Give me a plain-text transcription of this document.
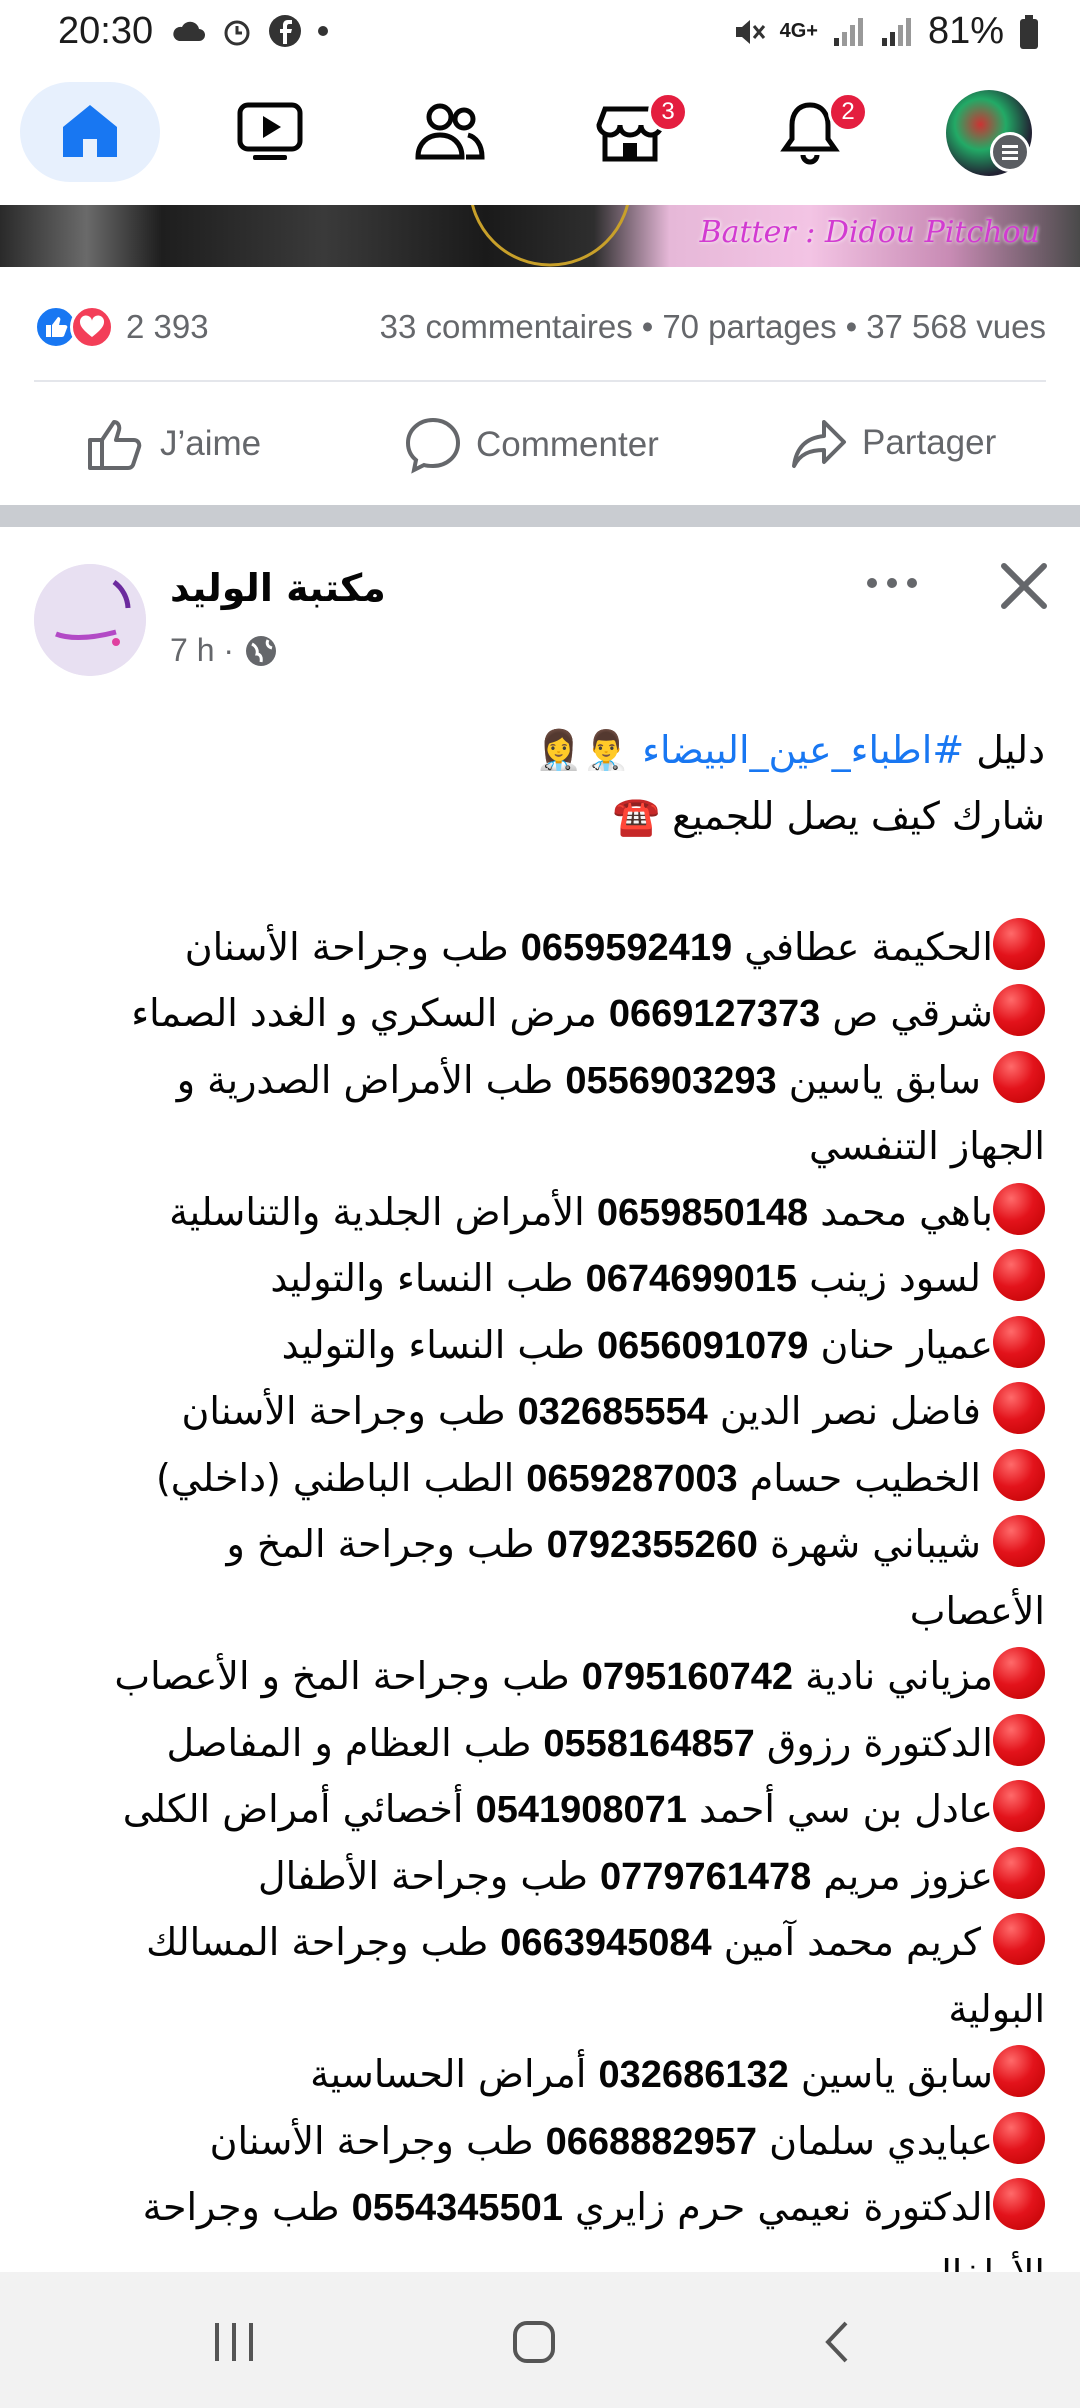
20:30	4G+	81%
3	2
Batter : Didou Pitchou
2 393	33 commentaires • 70 partages • 37 568 vues
J’aime	Commenter	Partager
مكتبة الوليد
7 h ·
دليل #اطباء_عين_البيضاء 👨‍⚕️👩‍⚕️
شارك كيف يصل للجميع ☎️

الحكيمة عطافي 0659592419 طب وجراحة الأسنان
شرقي ص 0669127373 مرض السكري و الغدد الصماء
سابق ياسين 0556903293 طب الأمراض الصدرية و
الجهاز التنفسي
باهي محمد 0659850148 الأمراض الجلدية والتناسلية
لسود زينب 0674699015 طب النساء والتوليد
عميار حنان 0656091079 طب النساء والتوليد
فاضل نصر الدين 032685554 طب وجراحة الأسنان
الخطيب حسام 0659287003 الطب الباطني (داخلي)
شيباني شهرة 0792355260 طب وجراحة المخ و
الأعصاب
مزياني نادية 0795160742 طب وجراحة المخ و الأعصاب
الدكتورة رزوق 0558164857 طب العظام و المفاصل
عادل بن سي أحمد 0541908071 أخصائي أمراض الكلى
عزوز مريم 0779761478 طب وجراحة الأطفال
كريم محمد آمين 0663945084 طب وجراحة المسالك
البولية
سابق ياسين 032686132 أمراض الحساسية
عبايدي سلمان 0668882957 طب وجراحة الأسنان
الدكتورة نعيمي حرم زايري 0554345501 طب وجراحة
